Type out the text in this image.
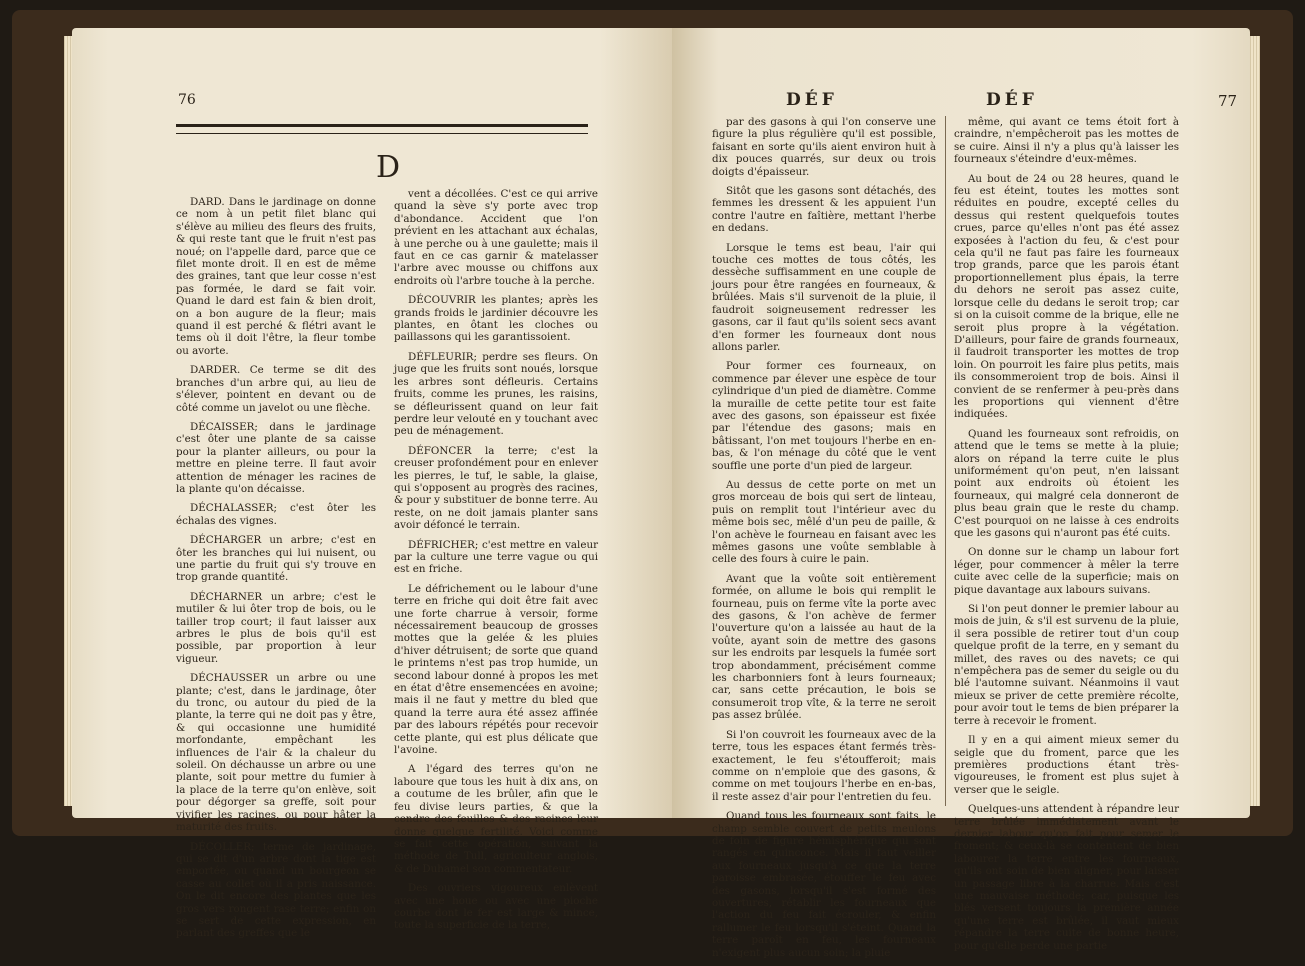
76
D

DARD. Dans le jardinage on donne ce nom à un petit filet blanc qui s'élève au milieu des fleurs des fruits, & qui reste tant que le fruit n'est pas noué; on l'appelle dard, parce que ce filet monte droit. Il en est de même des graines, tant que leur cosse n'est pas formée, le dard se fait voir. Quand le dard est fain & bien droit, on a bon augure de la fleur; mais quand il est perché & flétri avant le tems où il doit l'être, la fleur tombe ou avorte.

DARDER. Ce terme se dit des branches d'un arbre qui, au lieu de s'élever, pointent en devant ou de côté comme un javelot ou une flèche.

DÉCAISSER; dans le jardinage c'est ôter une plante de sa caisse pour la planter ailleurs, ou pour la mettre en pleine terre. Il faut avoir attention de ménager les racines de la plante qu'on décaisse.

DÉCHALASSER; c'est ôter les échalas des vignes.

DÉCHARGER un arbre; c'est en ôter les branches qui lui nuisent, ou une partie du fruit qui s'y trouve en trop grande quantité.

DÉCHARNER un arbre; c'est le mutiler & lui ôter trop de bois, ou le tailler trop court; il faut laisser aux arbres le plus de bois qu'il est possible, par proportion à leur vigueur.

DÉCHAUSSER un arbre ou une plante; c'est, dans le jardinage, ôter du tronc, ou autour du pied de la plante, la terre qui ne doit pas y être, & qui occasionne une humidité morfondante, empêchant les influences de l'air & la chaleur du soleil. On déchausse un arbre ou une plante, soit pour mettre du fumier à la place de la terre qu'on enlève, soit pour dégorger sa greffe, soit pour vivifier les racines, ou pour hâter la maturité des fruits.

DÉCOLLER; terme de jardinage, qui se dit d'un arbre dont la tige est emportée, ou quand un bourgeon se casse au collet où il a pris naissance. On le dit encore des plantes que les gros vers rongent rase terre; enfin on se sert de cette expression, en parlant des greffes que le

vent a décollées. C'est ce qui arrive quand la sève s'y porte avec trop d'abondance. Accident que l'on prévient en les attachant aux échalas, à une perche ou à une gaulette; mais il faut en ce cas garnir & matelasser l'arbre avec mousse ou chiffons aux endroits où l'arbre touche à la perche.

DÉCOUVRIR les plantes; après les grands froids le jardinier découvre les plantes, en ôtant les cloches ou paillassons qui les garantissoient.

DÉFLEURIR; perdre ses fleurs. On juge que les fruits sont noués, lorsque les arbres sont défleuris. Certains fruits, comme les prunes, les raisins, se défleurissent quand on leur fait perdre leur velouté en y touchant avec peu de ménagement.

DÉFONCER la terre; c'est la creuser profondément pour en enlever les pierres, le tuf, le sable, la glaise, qui s'opposent au progrès des racines, & pour y substituer de bonne terre. Au reste, on ne doit jamais planter sans avoir défoncé le terrain.

DÉFRICHER; c'est mettre en valeur par la culture une terre vague ou qui est en friche.

Le défrichement ou le labour d'une terre en friche qui doit être fait avec une forte charrue à versoir, forme nécessairement beaucoup de grosses mottes que la gelée & les pluies d'hiver détruisent; de sorte que quand le printems n'est pas trop humide, un second labour donné à propos les met en état d'être ensemencées en avoine; mais il ne faut y mettre du bled que quand la terre aura été assez affinée par des labours répétés pour recevoir cette plante, qui est plus délicate que l'avoine.

A l'égard des terres qu'on ne laboure que tous les huit à dix ans, on a coutume de les brûler, afin que le feu divise leurs parties, & que la cendre des feuilles & des racines leur donne quelque fertilité. Voici comme se fait cette opération, suivant la méthode de Tull, agriculteur anglois, & de Duhamel son commentateur.

Des ouvriers vigoureux enlèvent avec une houe ou avec une pioche courbe dont le fer est large & mince, toute la superficie de la terre,

DÉF	DÉF	77

par des gasons à qui l'on conserve une figure la plus régulière qu'il est possible, faisant en sorte qu'ils aient environ huit à dix pouces quarrés, sur deux ou trois doigts d'épaisseur.

Sitôt que les gasons sont détachés, des femmes les dressent & les appuient l'un contre l'autre en faîtière, mettant l'herbe en dedans.

Lorsque le tems est beau, l'air qui touche ces mottes de tous côtés, les dessèche suffisamment en une couple de jours pour être rangées en fourneaux, & brûlées. Mais s'il survenoit de la pluie, il faudroit soigneusement redresser les gasons, car il faut qu'ils soient secs avant d'en former les fourneaux dont nous allons parler.

Pour former ces fourneaux, on commence par élever une espèce de tour cylindrique d'un pied de diamètre. Comme la muraille de cette petite tour est faite avec des gasons, son épaisseur est fixée par l'étendue des gasons; mais en bâtissant, l'on met toujours l'herbe en en-bas, & l'on ménage du côté que le vent souffle une porte d'un pied de largeur.

Au dessus de cette porte on met un gros morceau de bois qui sert de linteau, puis on remplit tout l'intérieur avec du même bois sec, mêlé d'un peu de paille, & l'on achève le fourneau en faisant avec les mêmes gasons une voûte semblable à celle des fours à cuire le pain.

Avant que la voûte soit entièrement formée, on allume le bois qui remplit le fourneau, puis on ferme vîte la porte avec des gasons, & l'on achève de fermer l'ouverture qu'on a laissée au haut de la voûte, ayant soin de mettre des gasons sur les endroits par lesquels la fumée sort trop abondamment, précisément comme les charbonniers font à leurs fourneaux; car, sans cette précaution, le bois se consumeroit trop vîte, & la terre ne seroit pas assez brûlée.

Si l'on couvroit les fourneaux avec de la terre, tous les espaces étant fermés très-exactement, le feu s'étoufferoit; mais comme on n'emploie que des gasons, & comme on met toujours l'herbe en en-bas, il reste assez d'air pour l'entretien du feu.

Quand tous les fourneaux sont faits, le champ semble couvert de petits meulons de foin de figure hémisphérique qui sont rangés en quinconce. Mais il faut veiller aux fourneaux jusqu'à ce que la terre paroisse embrasée, étouffer le feu avec des gasons, lorsqu'il s'est formé des ouvertures, rétablir les fourneaux que l'action du feu fait écrouler, & enfin rallumer le feu lorsqu'il s'éteint. Quand la terre paroît en feu, les fourneaux n'exigent plus aucun soin; la pluie

même, qui avant ce tems étoit fort à craindre, n'empêcheroit pas les mottes de se cuire. Ainsi il n'y a plus qu'à laisser les fourneaux s'éteindre d'eux-mêmes.

Au bout de 24 ou 28 heures, quand le feu est éteint, toutes les mottes sont réduites en poudre, excepté celles du dessus qui restent quelquefois toutes crues, parce qu'elles n'ont pas été assez exposées à l'action du feu, & c'est pour cela qu'il ne faut pas faire les fourneaux trop grands, parce que les parois étant proportionnellement plus épais, la terre du dehors ne seroit pas assez cuite, lorsque celle du dedans le seroit trop; car si on la cuisoit comme de la brique, elle ne seroit plus propre à la végétation. D'ailleurs, pour faire de grands fourneaux, il faudroit transporter les mottes de trop loin. On pourroit les faire plus petits, mais ils consommeroient trop de bois. Ainsi il convient de se renfermer à peu-près dans les proportions qui viennent d'être indiquées.

Quand les fourneaux sont refroidis, on attend que le tems se mette à la pluie; alors on répand la terre cuite le plus uniformément qu'on peut, n'en laissant point aux endroits où étoient les fourneaux, qui malgré cela donneront de plus beau grain que le reste du champ. C'est pourquoi on ne laisse à ces endroits que les gasons qui n'auront pas été cuits.

On donne sur le champ un labour fort léger, pour commencer à mêler la terre cuite avec celle de la superficie; mais on pique davantage aux labours suivans.

Si l'on peut donner le premier labour au mois de juin, & s'il est survenu de la pluie, il sera possible de retirer tout d'un coup quelque profit de la terre, en y semant du millet, des raves ou des navets; ce qui n'empêchera pas de semer du seigle ou du blé l'automne suivant. Néanmoins il vaut mieux se priver de cette première récolte, pour avoir tout le tems de bien préparer la terre à recevoir le froment.

Il y en a qui aiment mieux semer du seigle que du froment, parce que les premières productions étant très-vigoureuses, le froment est plus sujet à verser que le seigle.

Quelques-uns attendent à répandre leur terre brûlée immédiatement avant le dernier labour qu'on fait pour semer le froment; & ceux-là se contentent de bien labourer la terre entre les fourneaux, qu'ils ont soin de bien aligner, pour laisser un passage libre à la charrue. Mais c'est une mauvaise méthode; car, puisque les blés versent toujours la première année qu'une terre est brûlée, il vaut mieux répandre la terre cuite de bonne heure, pour qu'elle perde une partie
